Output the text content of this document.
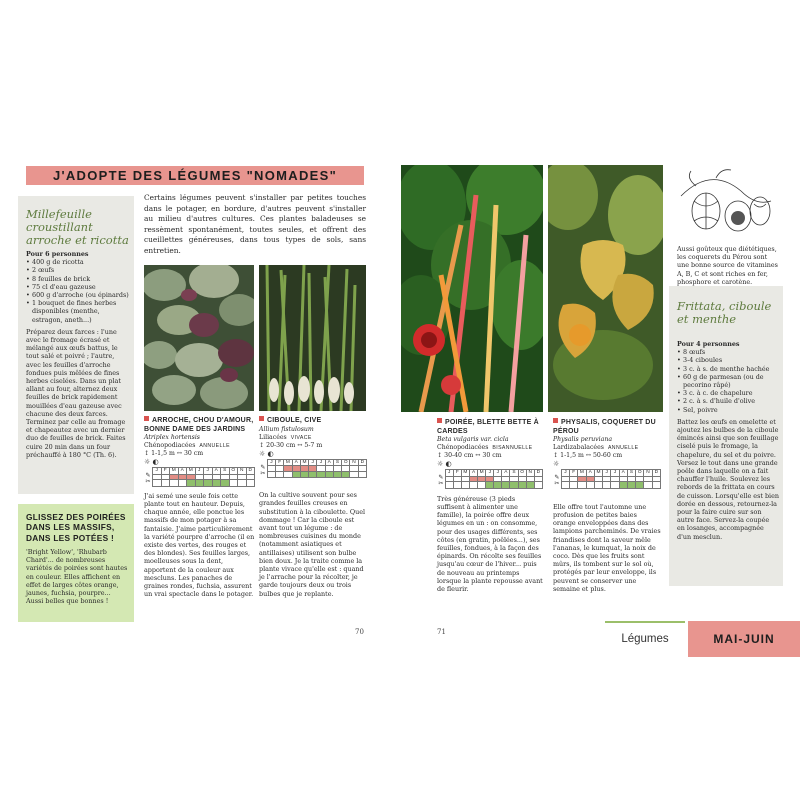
J'ADOPTE DES LÉGUMES "NOMADES"
Millefeuille croustillant arroche et ricotta
Pour 6 personnes
• 400 g de ricotta
• 2 œufs
• 8 feuilles de brick
• 75 cl d'eau gazeuse
• 600 g d'arroche (ou épinards)
• 1 bouquet de fines herbes disponibles (menthe, estragon, aneth...)

Préparez deux farces : l'une avec le fromage écrasé et mélangé aux œufs battus, le tout salé et poivré ; l'autre, avec les feuilles d'arroche fondues puis mêlées de fines herbes ciselées. Dans un plat allant au four, alternez deux feuilles de brick rapidement mouillées d'eau gazeuse avec chacune des deux farces. Terminez par celle au fromage et chapeautez avec un dernier duo de feuilles de brick. Faites cuire 20 min dans un four préchauffé à 180 °C (Th. 6).

GLISSEZ DES POIRÉES DANS LES MASSIFS, DANS LES POTÉES !
'Bright Yellow', 'Rhubarb Chard'... de nombreuses variétés de poirées sont hautes en couleur. Elles affichent en effet de larges côtes orange, jaunes, fuchsia, pourpre... Aussi belles que bonnes !
Certains légumes peuvent s'installer par petites touches dans le potager, en bordure, d'autres peuvent s'installer au milieu d'autres cultures. Ces plantes baladeuses se ressèment spontanément, toutes seules, et offrent des cueillettes généreuses, dans tous types de sols, sans entretien.
ARROCHE, CHOU D'AMOUR, BONNE DAME DES JARDINS
Atriplex hortensis
Chénopodiacées ANNUELLE
↕ 1-1,5 m ↔ 30 cm
☼ ◐
	J	F	M	A	M	J	J	A	S	O	N	D
✎												
✂												
J'ai semé une seule fois cette plante tout en hauteur. Depuis, chaque année, elle ponctue les massifs de mon potager à sa fantaisie. J'aime particulièrement la variété pourpre d'arroche (il en existe des vertes, des rouges et des blondes). Ses feuilles larges, moelleuses sous la dent, apportent de la couleur aux mescluns. Les panaches de graines rondes, fuchsia, assurent un vrai spectacle dans le potager.
CIBOULE, CIVE
Allium fistulosum
Liliacées VIVACE
↕ 20-30 cm ↔ 5-7 m
☼ ◐
	J	F	M	A	M	J	J	A	S	O	N	D
✎												
✂												
On la cultive souvent pour ses grandes feuilles creuses en substitution à la ciboulette. Quel dommage ! Car la ciboule est avant tout un légume : de nombreuses cuisines du monde (notamment asiatiques et antillaises) utilisent son bulbe bien doux. Je la traite comme la plante vivace qu'elle est : quand je l'arrache pour la récolter, je garde toujours deux ou trois bulbes que je replante.
70
POIRÉE, BLETTE BETTE À CARDES
Beta vulgaris var. cicla
Chénopodiacées BISANNUELLE
↕ 30-40 cm ↔ 30 cm
☼ ◐
	J	F	M	A	M	J	J	A	S	O	N	D
✎												
✂												
Très généreuse (3 pieds suffisent à alimenter une famille), la poirée offre deux légumes en un : on consomme, pour des usages différents, ses côtes (en gratin, poêlées...), ses feuilles, fondues, à la façon des épinards. On récolte ses feuilles jusqu'au cœur de l'hiver... puis de nouveau au printemps lorsque la plante repousse avant de fleurir.
PHYSALIS, COQUERET DU PÉROU
Physalis peruviana
Lardizabalacées ANNUELLE
↕ 1-1,5 m ↔ 50-60 cm
☼
	J	F	M	A	M	J	J	A	S	O	N	D
✎												
✂												
Elle offre tout l'automne une profusion de petites baies orange enveloppées dans des lampions parcheminés. De vraies friandises dont la saveur mêle l'ananas, le kumquat, la noix de coco. Dès que les fruits sont mûrs, ils tombent sur le sol où, protégés par leur enveloppe, ils peuvent se conserver une semaine et plus.
Aussi goûteux que diététiques, les coquerets du Pérou sont une bonne source de vitamines A, B, C et sont riches en fer, phosphore et carotène.
Frittata, ciboule et menthe
Pour 4 personnes
• 8 œufs
• 3-4 ciboules
• 3 c. à s. de menthe hachée
• 60 g de parmesan (ou de pecorino râpé)
• 3 c. à c. de chapelure
• 2 c. à s. d'huile d'olive
• Sel, poivre

Battez les œufs en omelette et ajoutez les bulbes de la ciboule émincés ainsi que son feuillage ciselé puis le fromage, la chapelure, du sel et du poivre. Versez le tout dans une grande poêle dans laquelle on a fait chauffer l'huile. Soulevez les rebords de la frittata en cours de cuisson. Lorsqu'elle est bien dorée en dessous, retournez-la pour la faire cuire sur son autre face. Servez-la coupée en losanges, accompagnée d'un mesclun.

71
Légumes	MAI-JUIN
